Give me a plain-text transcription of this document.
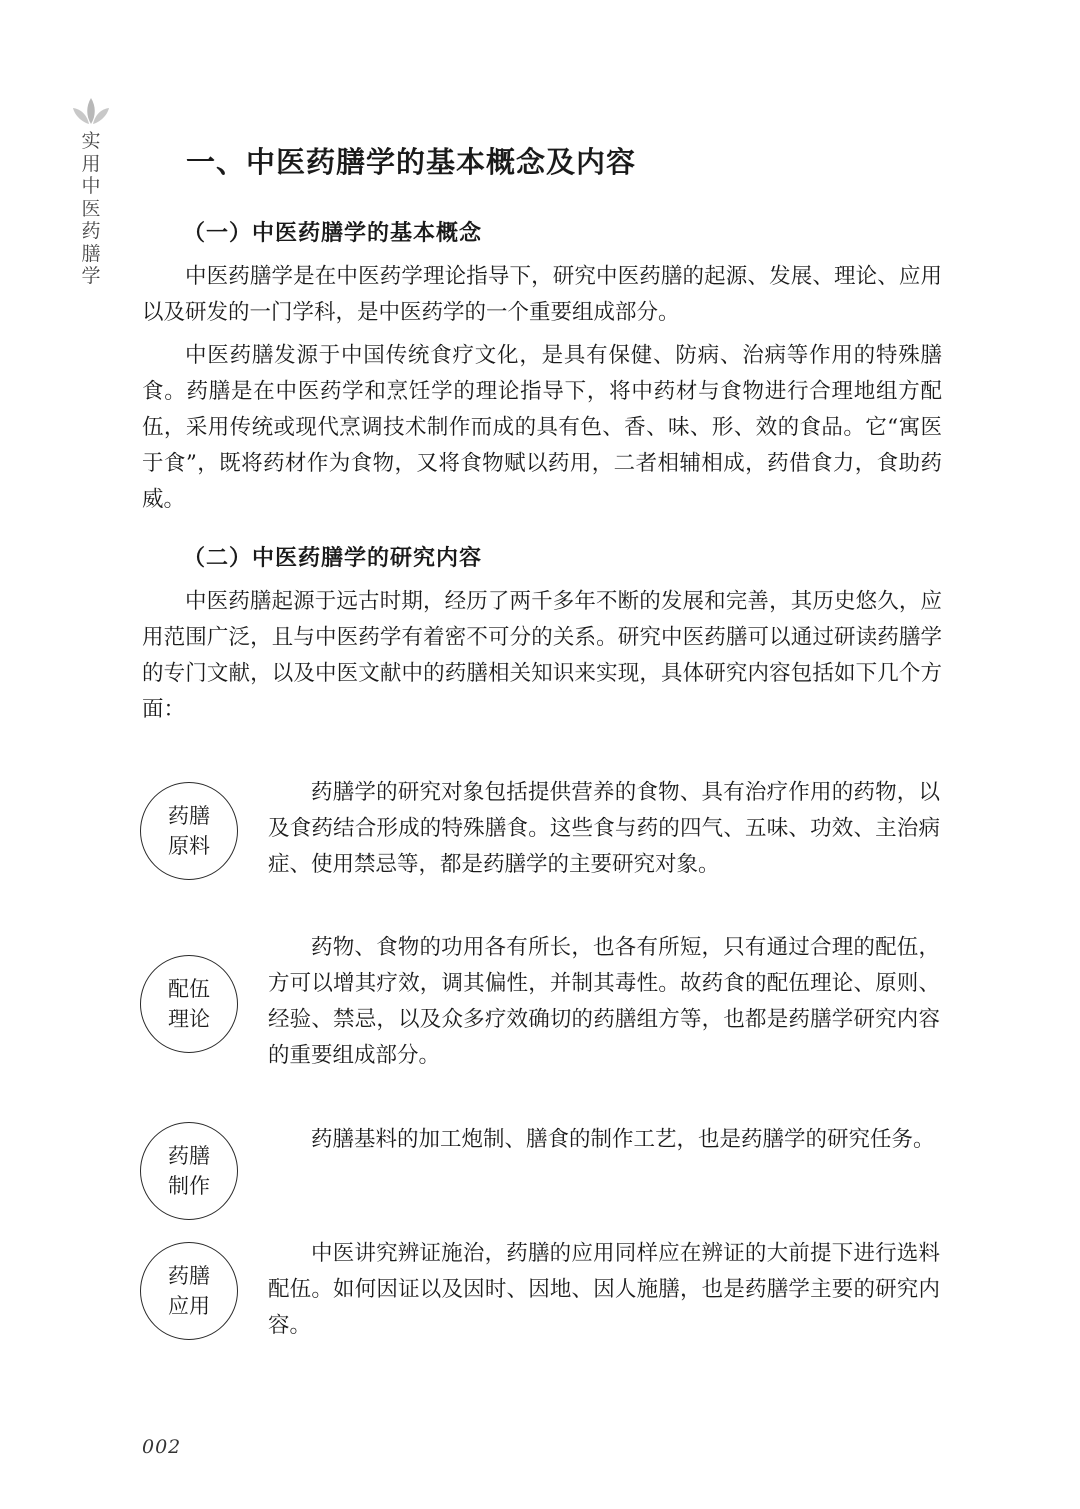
实用中医药膳学
一、中医药膳学的基本概念及内容
（一）中医药膳学的基本概念

中医药膳学是在中医药学理论指导下，研究中医药膳的起源、发展、理论、应用以及研发的一门学科，是中医药学的一个重要组成部分。

中医药膳发源于中国传统食疗文化，是具有保健、防病、治病等作用的特殊膳食。药膳是在中医药学和烹饪学的理论指导下，将中药材与食物进行合理地组方配伍，采用传统或现代烹调技术制作而成的具有色、香、味、形、效的食品。它“寓医于食”，既将药材作为食物，又将食物赋以药用，二者相辅相成，药借食力，食助药威。

（二）中医药膳学的研究内容

中医药膳起源于远古时期，经历了两千多年不断的发展和完善，其历史悠久，应用范围广泛，且与中医药学有着密不可分的关系。研究中医药膳可以通过研读药膳学的专门文献，以及中医文献中的药膳相关知识来实现，具体研究内容包括如下几个方面：

药膳原料

药膳学的研究对象包括提供营养的食物、具有治疗作用的药物，以及食药结合形成的特殊膳食。这些食与药的四气、五味、功效、主治病症、使用禁忌等，都是药膳学的主要研究对象。

配伍理论

药物、食物的功用各有所长，也各有所短，只有通过合理的配伍，方可以增其疗效，调其偏性，并制其毒性。故药食的配伍理论、原则、经验、禁忌，以及众多疗效确切的药膳组方等，也都是药膳学研究内容的重要组成部分。

药膳制作

药膳基料的加工炮制、膳食的制作工艺，也是药膳学的研究任务。

药膳应用

中医讲究辨证施治，药膳的应用同样应在辨证的大前提下进行选料配伍。如何因证以及因时、因地、因人施膳，也是药膳学主要的研究内容。

002
